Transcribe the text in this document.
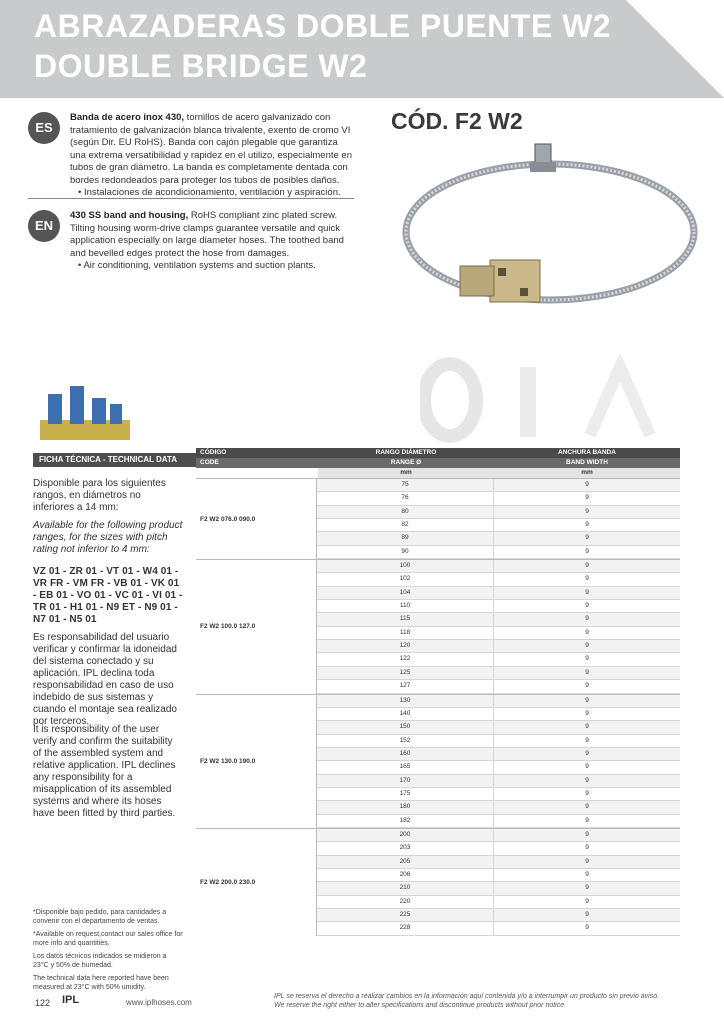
ABRAZADERAS DOBLE PUENTE W2
DOUBLE BRIDGE W2
CÓD. F2 W2
ES
Banda de acero inox 430, tornillos de acero galvanizado con tratamiento de galvanización blanca trivalente, exento de cromo VI (según Dir. EU RoHS). Banda con cajón plegable que garantiza una extrema versatibilidad y rapidez en el utilizo, especialmente en tubos de gran diámetro. La banda es completamente dentada con bordes redondeados para proteger los tubos de posibles daños.
• Instalaciones de acondicionamiento, ventilación y aspiración.
EN
430 SS band and housing, RoHS compliant zinc plated screw. Tilting housing worm-drive clamps guarantee versatile and quick application especially on large diameter hoses. The toothed band and bevelled edges protect the hose from damages.
• Air conditioning, ventilation systems and suction plants.
FICHA TÉCNICA - TECHNICAL DATA
Disponible para los siguientes rangos, en diámetros no inferiores a 14 mm:
Available for the following product ranges, for the sizes with pitch rating not inferior to 4 mm:
VZ 01 - ZR 01 - VT 01 - W4 01 - VR FR - VM FR - VB 01 - VK 01 - EB 01 - VO 01 - VC 01 - VI 01 - TR 01 - H1 01 - N9 ET - N9 01 - N7 01 - N5 01
Es responsabilidad del usuario verificar y confirmar la idoneidad del sistema conectado y su aplicación. IPL declina toda responsabilidad en caso de uso indebido de sus sistemas y cuando el montaje sea realizado por terceros.
It is responsibility of the user verify and confirm the suitability of the assembled system and relative application. IPL declines any responsibility for a misapplication of its assembled systems and where its hoses have been fitted by third parties.

*Disponible bajo pedido, para cantidades a convenir con el departamento de ventas.

*Available on request,contact our sales office for more info and quantities.

Los datos técnicos indicados se midieron a 23°C y 50% de humedad.

The technical data here reported have been measured at 23°C with 50% umidity.

CÓDIGO	RANGO DIÁMETRO	ANCHURA BANDA
CODE	RANGE Ø	BAND WIDTH
mm	mm
F2 W2 076.0 090.0
75	9
76	9
80	9
82	9
89	9
90	9
F2 W2 100.0 127.0
100	9
102	9
104	9
110	9
115	9
118	9
120	9
122	9
125	9
127	9
F2 W2 130.0 190.0
130	9
140	9
150	9
152	9
160	9
165	9
170	9
175	9
180	9
182	9
F2 W2 200.0 230.0
200	9
203	9
205	9
206	9
210	9
220	9
225	9
228	9
122 IPL	www.iplhoses.com

IPL se reserva el derecho a realizar cambios en la información aquí contenida y/o a interrumpir un producto sin previo aviso.

We reserve the right either to alter specifications and discontinue products without prior notice.
